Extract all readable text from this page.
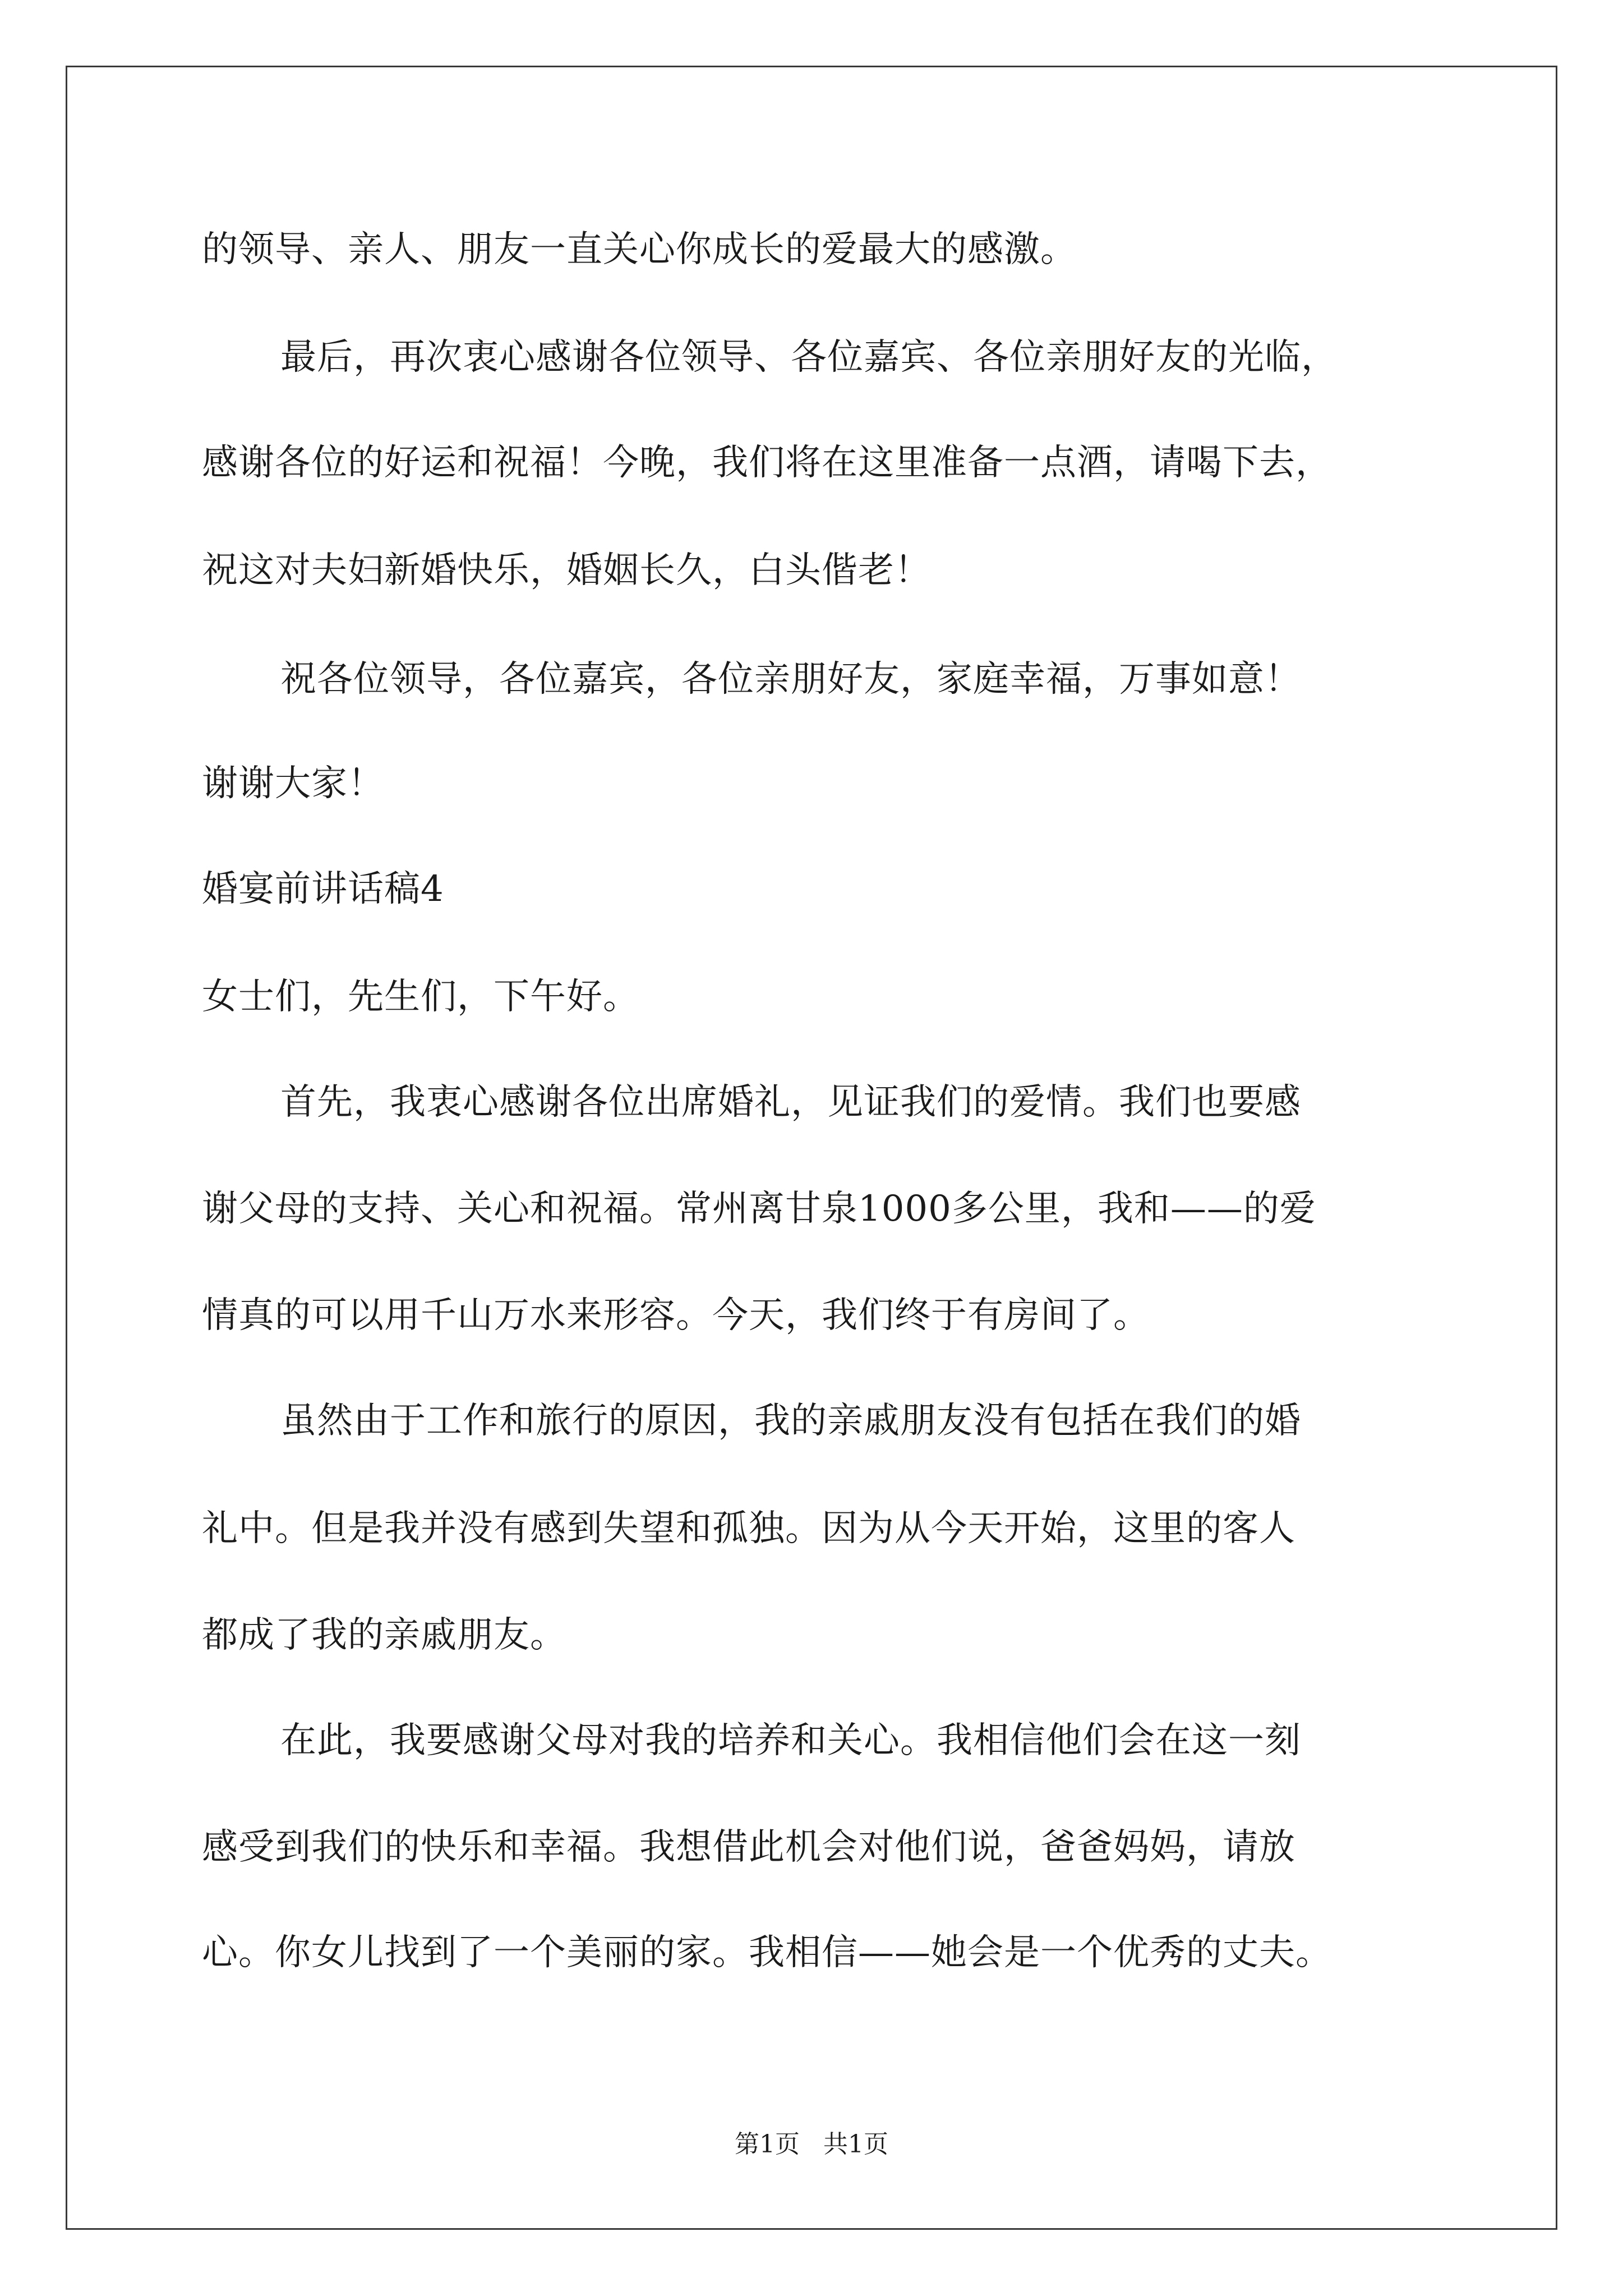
的领导、亲人、朋友一直关心你成长的爱最大的感激。
最后，再次衷心感谢各位领导、各位嘉宾、各位亲朋好友的光临，
感谢各位的好运和祝福！今晚，我们将在这里准备一点酒，请喝下去，
祝这对夫妇新婚快乐，婚姻长久，白头偕老！
祝各位领导，各位嘉宾，各位亲朋好友，家庭幸福，万事如意！
谢谢大家！
婚宴前讲话稿4
女士们，先生们，下午好。
首先，我衷心感谢各位出席婚礼，见证我们的爱情。我们也要感
谢父母的支持、关心和祝福。常州离甘泉1000多公里，我和——的爱
情真的可以用千山万水来形容。今天，我们终于有房间了。
虽然由于工作和旅行的原因，我的亲戚朋友没有包括在我们的婚
礼中。但是我并没有感到失望和孤独。因为从今天开始，这里的客人
都成了我的亲戚朋友。
在此，我要感谢父母对我的培养和关心。我相信他们会在这一刻
感受到我们的快乐和幸福。我想借此机会对他们说，爸爸妈妈，请放
心。你女儿找到了一个美丽的家。我相信——她会是一个优秀的丈夫。
第1页   共1页
